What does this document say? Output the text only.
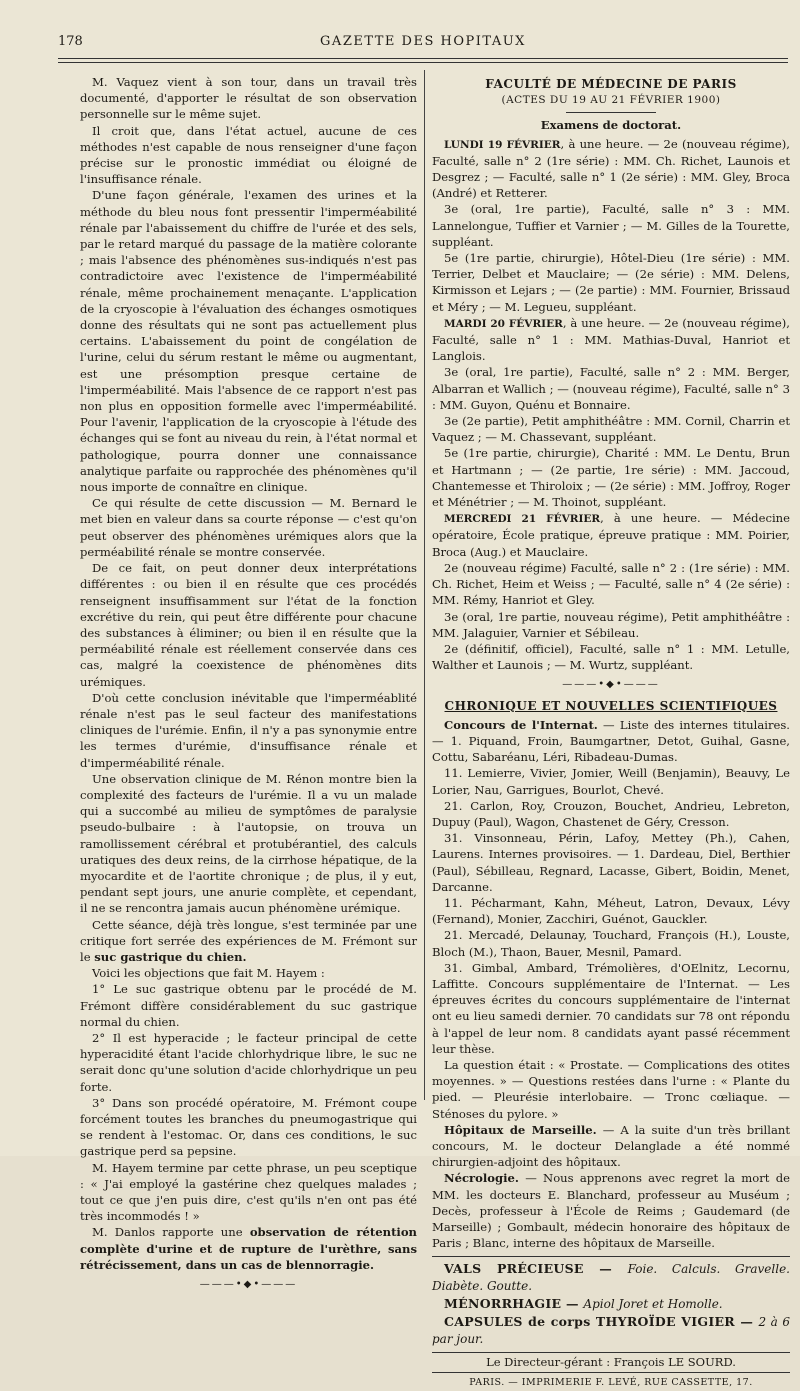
178	GAZETTE DES HOPITAUX

M. Vaquez vient à son tour, dans un travail très documenté, d'apporter le résultat de son observation personnelle sur le même sujet.

Il croit que, dans l'état actuel, aucune de ces méthodes n'est capable de nous renseigner d'une façon précise sur le pronostic immédiat ou éloigné de l'insuffisance rénale.

D'une façon générale, l'examen des urines et la méthode du bleu nous font pressentir l'imperméabilité rénale par l'abaissement du chiffre de l'urée et des sels, par le retard marqué du passage de la matière colorante ; mais l'absence des phénomènes sus-indiqués n'est pas contradictoire avec l'existence de l'imperméabilité rénale, même prochainement menaçante. L'application de la cryoscopie à l'évaluation des échanges osmotiques donne des résultats qui ne sont pas actuellement plus certains. L'abaissement du point de congélation de l'urine, celui du sérum restant le même ou augmentant, est une présomption presque certaine de l'imperméabilité. Mais l'absence de ce rapport n'est pas non plus en opposition formelle avec l'imperméabilité. Pour l'avenir, l'application de la cryoscopie à l'étude des échanges qui se font au niveau du rein, à l'état normal et pathologique, pourra donner une connaissance analytique parfaite ou rapprochée des phénomènes qu'il nous importe de connaître en clinique.

Ce qui résulte de cette discussion — M. Bernard le met bien en valeur dans sa courte réponse — c'est qu'on peut observer des phénomènes urémiques alors que la perméabilité rénale se montre conservée.

De ce fait, on peut donner deux interprétations différentes : ou bien il en résulte que ces procédés renseignent insuffisamment sur l'état de la fonction excrétive du rein, qui peut être différente pour chacune des substances à éliminer; ou bien il en résulte que la perméabilité rénale est réellement conservée dans ces cas, malgré la coexistence de phénomènes dits urémiques.

D'où cette conclusion inévitable que l'imperméablité rénale n'est pas le seul facteur des manifestations cliniques de l'urémie. Enfin, il n'y a pas synonymie entre les termes d'urémie, d'insuffisance rénale et d'imperméabilité rénale.

Une observation clinique de M. Rénon montre bien la complexité des facteurs de l'urémie. Il a vu un malade qui a succombé au milieu de symptômes de paralysie pseudo-bulbaire : à l'autopsie, on trouva un ramollissement cérébral et protubérantiel, des calculs uratiques des deux reins, de la cirrhose hépatique, de la myocardite et de l'aortite chronique ; de plus, il y eut, pendant sept jours, une anurie complète, et cependant, il ne se rencontra jamais aucun phénomène urémique.

Cette séance, déjà très longue, s'est terminée par une critique fort serrée des expériences de M. Frémont sur le suc gastrique du chien.

Voici les objections que fait M. Hayem :

1° Le suc gastrique obtenu par le procédé de M. Frémont diffère considérablement du suc gastrique normal du chien.

2° Il est hyperacide ; le facteur principal de cette hyperacidité étant l'acide chlorhydrique libre, le suc ne serait donc qu'une solution d'acide chlorhydrique un peu forte.

3° Dans son procédé opératoire, M. Frémont coupe forcément toutes les branches du pneumogastrique qui se rendent à l'estomac. Or, dans ces conditions, le suc gastrique perd sa pepsine.

M. Hayem termine par cette phrase, un peu sceptique : « J'ai employé la gastérine chez quelques malades ; tout ce que j'en puis dire, c'est qu'ils n'en ont pas été très incommodés ! »

M. Danlos rapporte une observation de rétention complète d'urine et de rupture de l'urèthre, sans rétrécissement, dans un cas de blennorragie.

———•◆•———
FACULTÉ DE MÉDECINE DE PARIS
(ACTES DU 19 AU 21 FÉVRIER 1900)
Examens de doctorat.

LUNDI 19 FÉVRIER, à une heure. — 2e (nouveau régime), Faculté, salle n° 2 (1re série) : MM. Ch. Richet, Launois et Desgrez ; — Faculté, salle n° 1 (2e série) : MM. Gley, Broca (André) et Retterer.

3e (oral, 1re partie), Faculté, salle n° 3 : MM. Lannelongue, Tuffier et Varnier ; — M. Gilles de la Tourette, suppléant.

5e (1re partie, chirurgie), Hôtel-Dieu (1re série) : MM. Terrier, Delbet et Mauclaire; — (2e série) : MM. Delens, Kirmisson et Lejars ; — (2e partie) : MM. Fournier, Brissaud et Méry ; — M. Legueu, suppléant.

MARDI 20 FÉVRIER, à une heure. — 2e (nouveau régime), Faculté, salle n° 1 : MM. Mathias-Duval, Hanriot et Langlois.

3e (oral, 1re partie), Faculté, salle n° 2 : MM. Berger, Albarran et Wallich ; — (nouveau régime), Faculté, salle n° 3 : MM. Guyon, Quénu et Bonnaire.

3e (2e partie), Petit amphithéâtre : MM. Cornil, Charrin et Vaquez ; — M. Chassevant, suppléant.

5e (1re partie, chirurgie), Charité : MM. Le Dentu, Brun et Hartmann ; — (2e partie, 1re série) : MM. Jaccoud, Chantemesse et Thiroloix ; — (2e série) : MM. Joffroy, Roger et Ménétrier ; — M. Thoinot, suppléant.

MERCREDI 21 FÉVRIER, à une heure. — Médecine opératoire, École pratique, épreuve pratique : MM. Poirier, Broca (Aug.) et Mauclaire.

2e (nouveau régime) Faculté, salle n° 2 : (1re série) : MM. Ch. Richet, Heim et Weiss ; — Faculté, salle n° 4 (2e série) : MM. Rémy, Hanriot et Gley.

3e (oral, 1re partie, nouveau régime), Petit amphithéâtre : MM. Jalaguier, Varnier et Sébileau.

2e (définitif, officiel), Faculté, salle n° 1 : MM. Letulle, Walther et Launois ; — M. Wurtz, suppléant.

———•◆•———
CHRONIQUE ET NOUVELLES SCIENTIFIQUES

Concours de l'Internat. — Liste des internes titulaires. — 1. Piquand, Froin, Baumgartner, Detot, Guihal, Gasne, Cottu, Sabaréanu, Léri, Ribadeau-Dumas.

11. Lemierre, Vivier, Jomier, Weill (Benjamin), Beauvy, Le Lorier, Nau, Garrigues, Bourlot, Chevé.

21. Carlon, Roy, Crouzon, Bouchet, Andrieu, Lebreton, Dupuy (Paul), Wagon, Chastenet de Géry, Cresson.

31. Vinsonneau, Périn, Lafoy, Mettey (Ph.), Cahen, Laurens. Internes provisoires. — 1. Dardeau, Diel, Berthier (Paul), Sébilleau, Regnard, Lacasse, Gibert, Boidin, Menet, Darcanne.

11. Pécharmant, Kahn, Méheut, Latron, Devaux, Lévy (Fernand), Monier, Zacchiri, Guénot, Gauckler.

21. Mercadé, Delaunay, Touchard, François (H.), Louste, Bloch (M.), Thaon, Bauer, Mesnil, Pamard.

31. Gimbal, Ambard, Trémolières, d'OElnitz, Lecornu, Laffitte. Concours supplémentaire de l'Internat. — Les épreuves écrites du concours supplémentaire de l'internat ont eu lieu samedi dernier. 70 candidats sur 78 ont répondu à l'appel de leur nom. 8 candidats ayant passé récemment leur thèse.

La question était : « Prostate. — Complications des otites moyennes. » — Questions restées dans l'urne : « Plante du pied. — Pleurésie interlobaire. — Tronc cœliaque. — Sténoses du pylore. »

Hôpitaux de Marseille. — A la suite d'un très brillant concours, M. le docteur Delanglade a été nommé chirurgien-adjoint des hôpitaux.

Nécrologie. — Nous apprenons avec regret la mort de MM. les docteurs E. Blanchard, professeur au Muséum ; Decès, professeur à l'École de Reims ; Gaudemard (de Marseille) ; Gombault, médecin honoraire des hôpitaux de Paris ; Blanc, interne des hôpitaux de Marseille.

VALS PRÉCIEUSE — Foie. Calculs. Gravelle. Diabète. Goutte.

MÉNORRHAGIE — Apiol Joret et Homolle.

CAPSULES de corps THYROÏDE VIGIER — 2 à 6 par jour.

Le Directeur-gérant : François LE SOURD.
PARIS. — IMPRIMERIE F. LEVÉ, RUE CASSETTE, 17.
